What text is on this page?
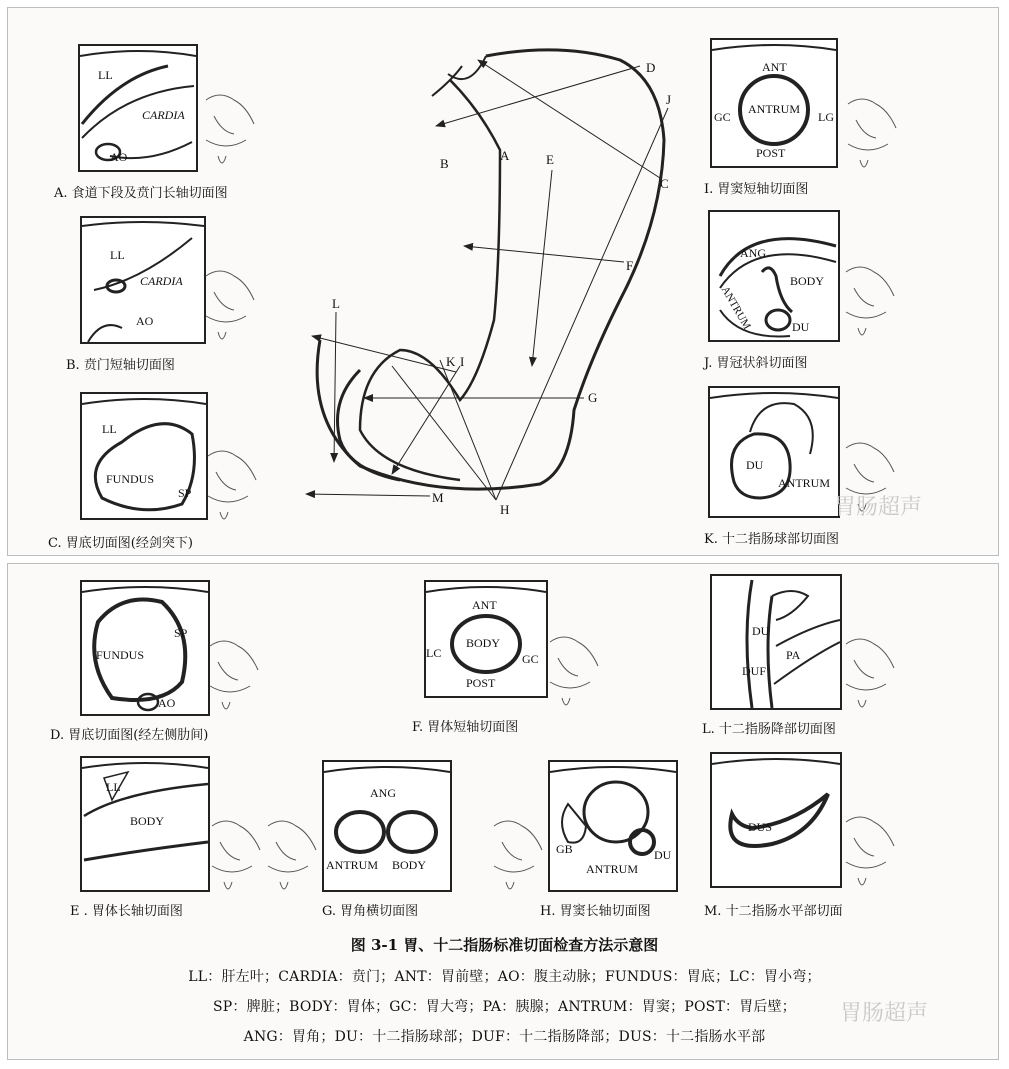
LL
CARDIA
AO
A. 食道下段及贲门长轴切面图
LL
CARDIA
AO
B. 贲门短轴切面图
LL
FUNDUS
SP
C. 胃底切面图(经剑突下)
ANT
ANTRUM
GC	LG
POST
I. 胃窦短轴切面图
ANG
BODY
ANTRUM	DU
J. 胃冠状斜切面图
DU
ANTRUM
K. 十二指肠球部切面图
A
B
C
D
E
F
G
H
J
K I
L
M	胃肠超声
FUNDUS
SP
AO
D. 胃底切面图(经左侧肋间)
ANT
BODY
LC	GC
POST
F. 胃体短轴切面图
DU
DUF
PA
L. 十二指肠降部切面图
LL
BODY
E . 胃体长轴切面图
ANG
ANTRUM BODY
G. 胃角横切面图
GB
ANTRUM
DU
H. 胃窦长轴切面图
DUS
M. 十二指肠水平部切面
图 3-1 胃、十二指肠标准切面检查方法示意图
LL：肝左叶；CARDIA：贲门；ANT：胃前壁；AO：腹主动脉；FUNDUS：胃底；LC：胃小弯；
SP：脾脏；BODY：胃体；GC：胃大弯；PA：胰腺；ANTRUM：胃窦；POST：胃后壁；
ANG：胃角；DU：十二指肠球部；DUF：十二指肠降部；DUS：十二指肠水平部
胃肠超声
